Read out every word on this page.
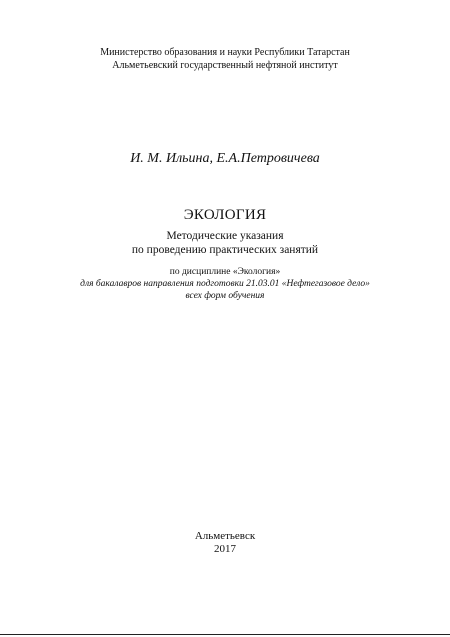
Министерство образования и науки Республики Татарстан
Альметьевский государственный нефтяной институт
И. М. Ильина, Е.А.Петровичева
ЭКОЛОГИЯ
Методические указания
по проведению практических занятий
по дисциплине «Экология»
для бакалавров направления подготовки 21.03.01 «Нефтегазовое дело»
всех форм обучения
Альметьевск
2017
